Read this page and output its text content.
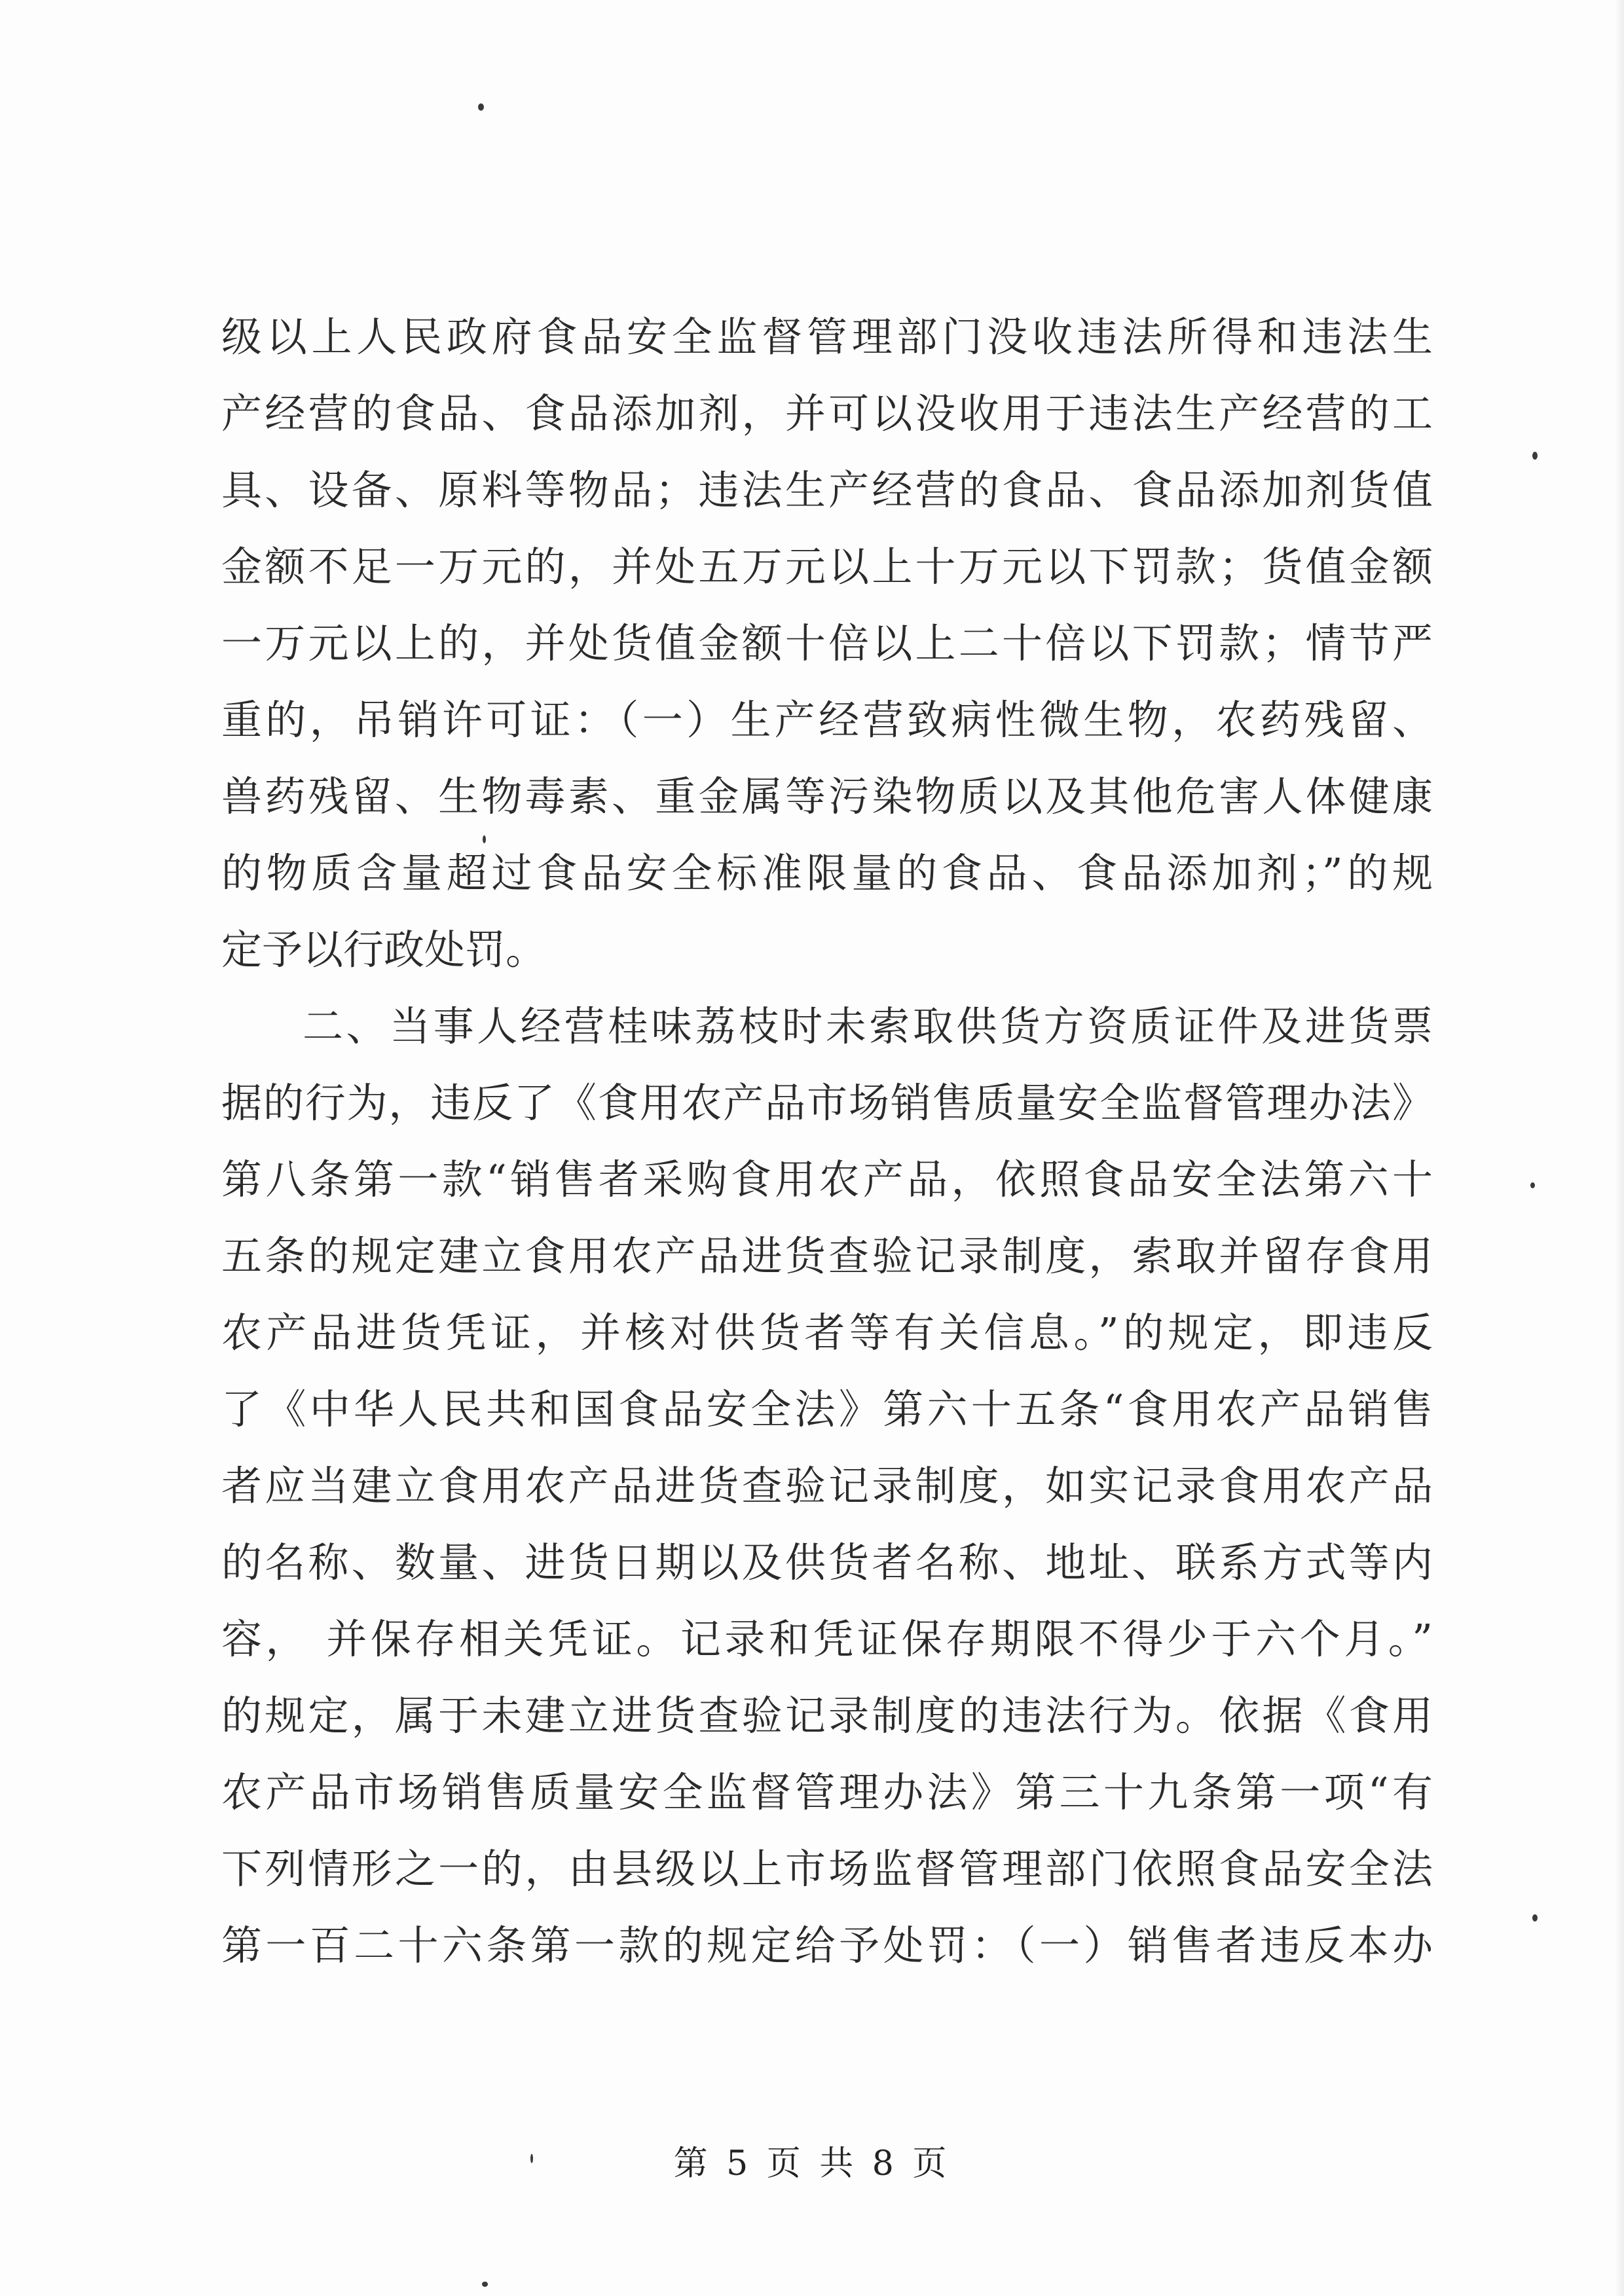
级以上人民政府食品安全监督管理部门没收违法所得和违法生
产经营的食品、食品添加剂，并可以没收用于违法生产经营的工
具、设备、原料等物品；违法生产经营的食品、食品添加剂货值
金额不足一万元的，并处五万元以上十万元以下罚款；货值金额
一万元以上的，并处货值金额十倍以上二十倍以下罚款；情节严
重的，吊销许可证：（一）生产经营致病性微生物，农药残留、
兽药残留、生物毒素、重金属等污染物质以及其他危害人体健康
的物质含量超过食品安全标准限量的食品、食品添加剂；”的规
定予以行政处罚。
二、当事人经营桂味荔枝时未索取供货方资质证件及进货票
据的行为，违反了《食用农产品市场销售质量安全监督管理办法》
第八条第一款“销售者采购食用农产品，依照食品安全法第六十
五条的规定建立食用农产品进货查验记录制度，索取并留存食用
农产品进货凭证，并核对供货者等有关信息。”的规定，即违反
了《中华人民共和国食品安全法》第六十五条“食用农产品销售
者应当建立食用农产品进货查验记录制度，如实记录食用农产品
的名称、数量、进货日期以及供货者名称、地址、联系方式等内
容， 并保存相关凭证。记录和凭证保存期限不得少于六个月。”
的规定，属于未建立进货查验记录制度的违法行为。依据《食用
农产品市场销售质量安全监督管理办法》第三十九条第一项“有
下列情形之一的，由县级以上市场监督管理部门依照食品安全法
第一百二十六条第一款的规定给予处罚：（一）销售者违反本办
第 5 页 共 8 页
